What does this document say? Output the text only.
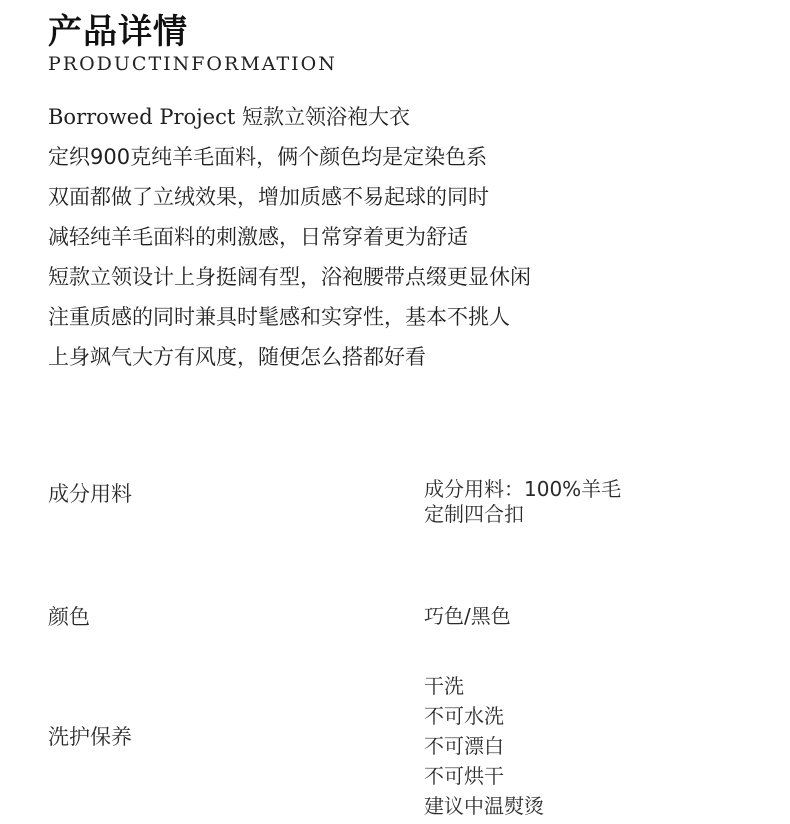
产品详情
PRODUCTINFORMATION
Borrowed Project 短款立领浴袍大衣
定织900克纯羊毛面料，俩个颜色均是定染色系
双面都做了立绒效果，增加质感不易起球的同时
减轻纯羊毛面料的刺激感，日常穿着更为舒适
短款立领设计上身挺阔有型，浴袍腰带点缀更显休闲
注重质感的同时兼具时髦感和实穿性，基本不挑人
上身飒气大方有风度，随便怎么搭都好看
成分用料	成分用料：100%羊毛
定制四合扣
颜色	巧色/黑色
洗护保养
干洗
不可水洗
不可漂白
不可烘干
建议中温熨烫
